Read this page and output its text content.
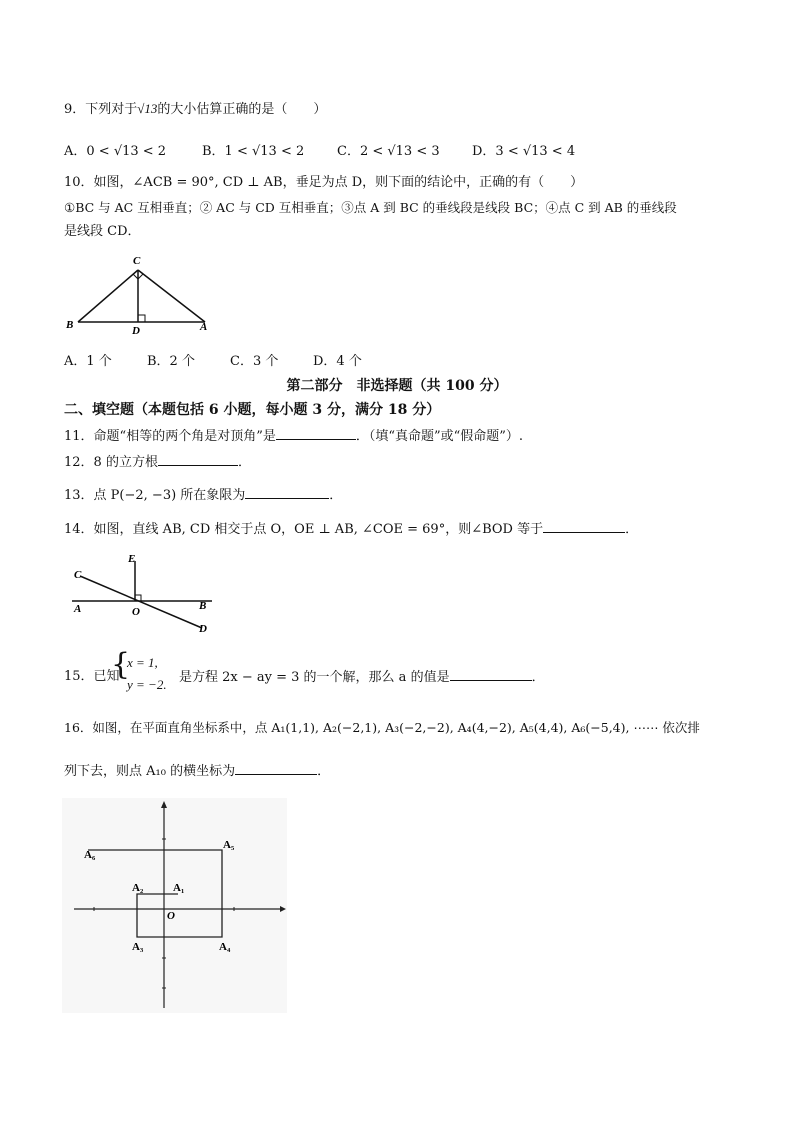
9．下列对于√13的大小估算正确的是（　　）
A．0 < √13 < 2	B．1 < √13 < 2	C．2 < √13 < 3 D．3 < √13 < 4
10．如图，∠ACB = 90°, CD ⊥ AB，垂足为点 D，则下面的结论中，正确的有（　　）
①BC 与 AC 互相垂直；② AC 与 CD 互相垂直；③点 A 到 BC 的垂线段是线段 BC；④点 C 到 AB 的垂线段
是线段 CD．
C
B	D	A
A．1 个	B．2 个	C．3 个	D．4 个
第二部分　非选择题（共 100 分）
二、填空题（本题包括 6 小题，每小题 3 分，满分 18 分）
11．命题“相等的两个角是对顶角”是	．（填“真命题”或“假命题”）.
12．8 的立方根	．
13．点 P(−2, −3) 所在象限为	．
14．如图，直线 AB, CD 相交于点 O，OE ⊥ AB, ∠COE = 69°，则∠BOD 等于	．
E
C
A	O	B
D
15．已知
{
x = 1,
y = −2. 是方程 2x − ay = 3 的一个解，那么 a 的值是	．
16．如图，在平面直角坐标系中，点 A₁(1,1), A₂(−2,1), A₃(−2,−2), A₄(4,−2), A₅(4,4), A₆(−5,4), ⋯⋯ 依次排
列下去，则点 A₁₀ 的横坐标为	．
A₆
A₅
A₂	A₁
O
A₃	A₄
